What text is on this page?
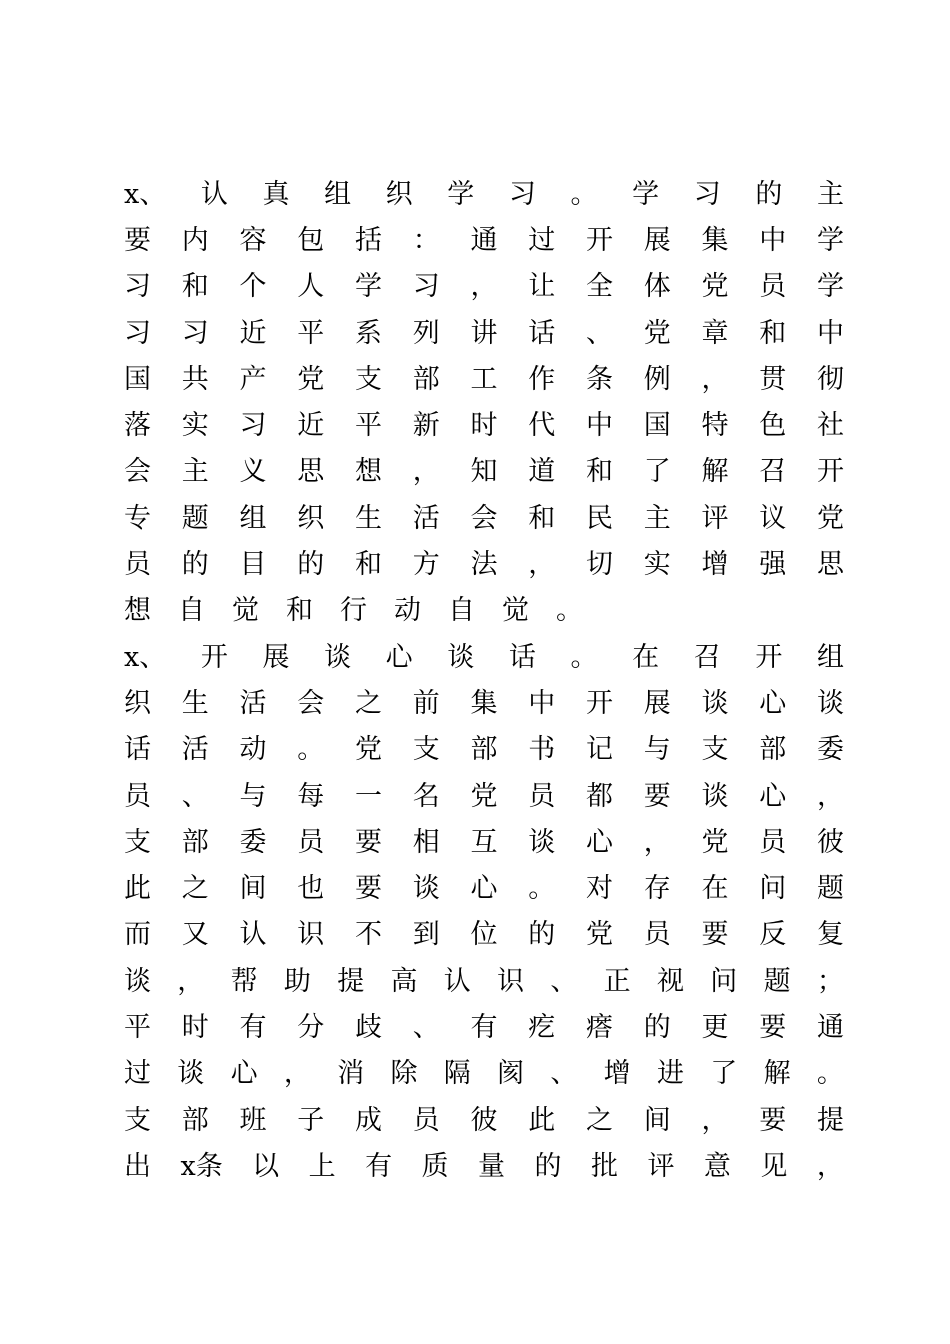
x、 认 真 组 织 学 习 。 学 习 的 主
要 内 容 包 括 ： 通 过 开 展 集 中 学
习 和 个 人 学 习 ， 让 全 体 党 员 学
习 习 近 平 系 列 讲 话 、 党 章 和 中
国 共 产 党 支 部 工 作 条 例 ， 贯 彻
落 实 习 近 平 新 时 代 中 国 特 色 社
会 主 义 思 想 ， 知 道 和 了 解 召 开
专 题 组 织 生 活 会 和 民 主 评 议 党
员 的 目 的 和 方 法 ， 切 实 增 强 思
想 自 觉 和 行 动 自 觉 。
x、 开 展 谈 心 谈 话 。 在 召 开 组
织 生 活 会 之 前 集 中 开 展 谈 心 谈
话 活 动 。 党 支 部 书 记 与 支 部 委
员 、 与 每 一 名 党 员 都 要 谈 心 ，
支 部 委 员 要 相 互 谈 心 ， 党 员 彼
此 之 间 也 要 谈 心 。 对 存 在 问 题
而 又 认 识 不 到 位 的 党 员 要 反 复
谈 ， 帮 助 提 高 认 识 、 正 视 问 题 ；
平 时 有 分 歧 、 有 疙 瘩 的 更 要 通
过 谈 心 ， 消 除 隔 阂 、 增 进 了 解 。
支 部 班 子 成 员 彼 此 之 间 ， 要 提
出 x条 以 上 有 质 量 的 批 评 意 见 ，
